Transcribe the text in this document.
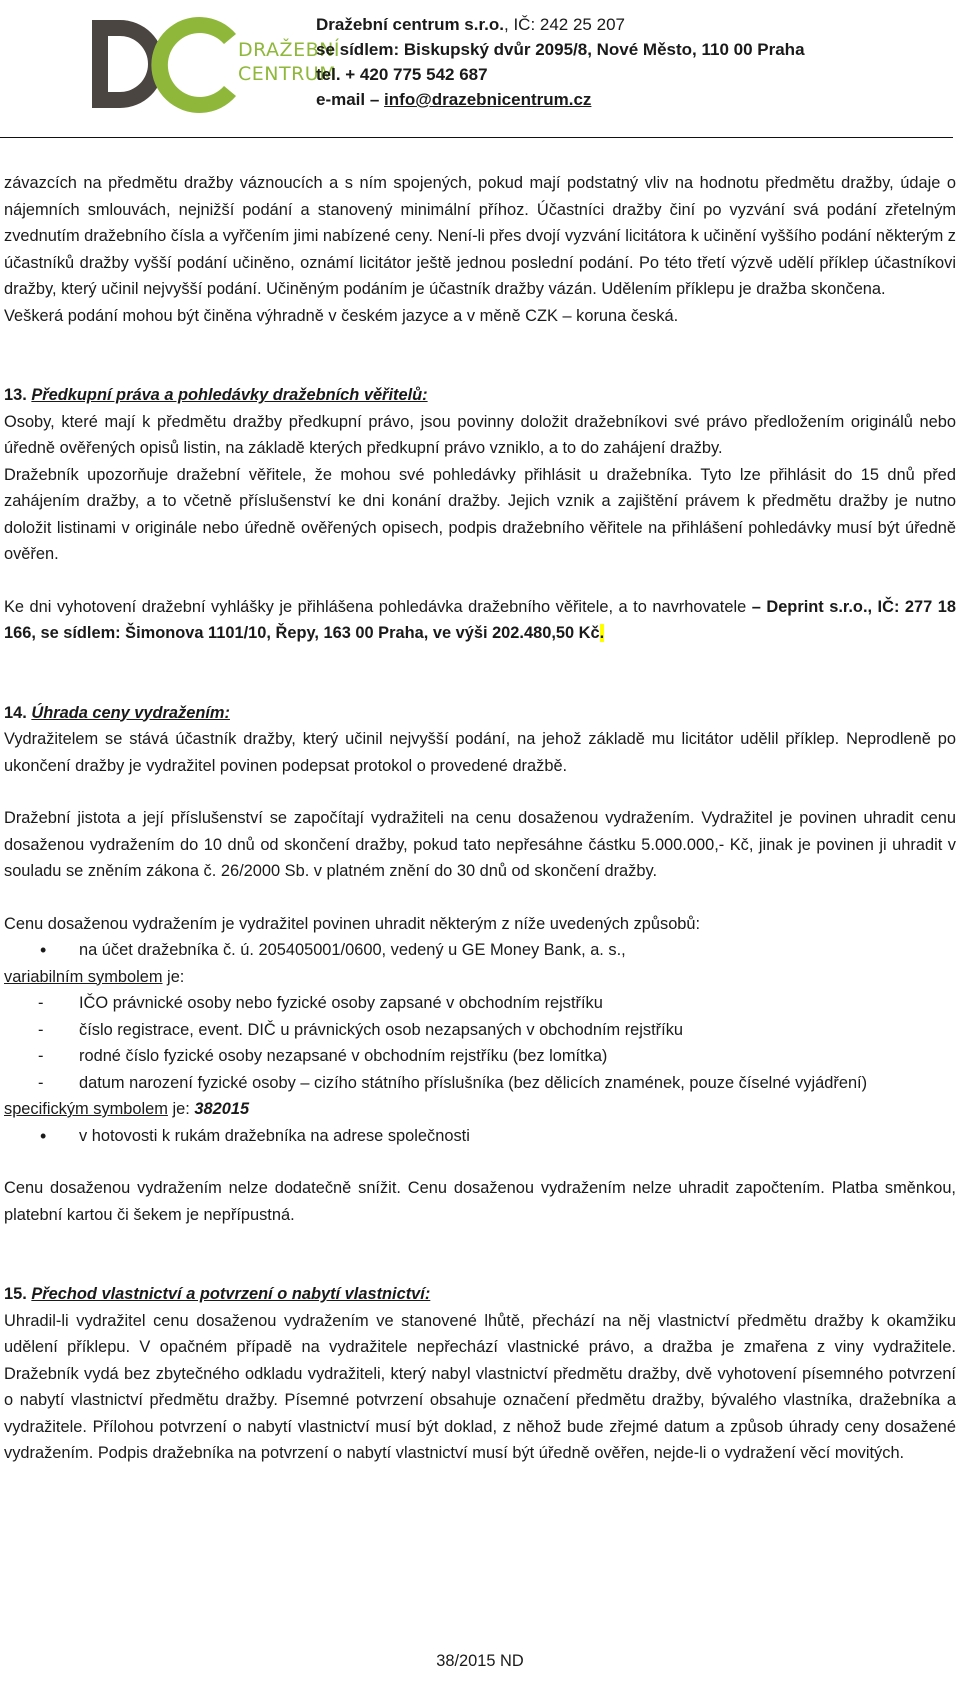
DRAŽEBNÍ
CENTRUM
Dražební centrum s.r.o., IČ: 242 25 207
se sídlem: Biskupský dvůr 2095/8, Nové Město, 110 00 Praha
tel. + 420 775 542 687
e-mail – info@drazebnicentrum.cz

závazcích na předmětu dražby váznoucích a s ním spojených, pokud mají podstatný vliv na hodnotu předmětu dražby, údaje o nájemních smlouvách, nejnižší podání a stanovený minimální příhoz. Účastníci dražby činí po vyzvání svá podání zřetelným zvednutím dražebního čísla a vyřčením jimi nabízené ceny. Není-li přes dvojí vyzvání licitátora k učinění vyššího podání některým z účastníků dražby vyšší podání učiněno, oznámí licitátor ještě jednou poslední podání. Po této třetí výzvě udělí příklep účastníkovi dražby, který učinil nejvyšší podání. Učiněným podáním je účastník dražby vázán. Udělením příklepu je dražba skončena.

Veškerá podání mohou být činěna výhradně v českém jazyce a v měně CZK – koruna česká.

13. Předkupní práva a pohledávky dražebních věřitelů:

Osoby, které mají k předmětu dražby předkupní právo, jsou povinny doložit dražebníkovi své právo předložením originálů nebo úředně ověřených opisů listin, na základě kterých předkupní právo vzniklo, a to do zahájení dražby.

Dražebník upozorňuje dražební věřitele, že mohou své pohledávky přihlásit u dražebníka. Tyto lze přihlásit do 15 dnů před zahájením dražby, a to včetně příslušenství ke dni konání dražby. Jejich vznik a zajištění právem k předmětu dražby je nutno doložit listinami v originále nebo úředně ověřených opisech, podpis dražebního věřitele na přihlášení pohledávky musí být úředně ověřen.

Ke dni vyhotovení dražební vyhlášky je přihlášena pohledávka dražebního věřitele, a to navrhovatele – Deprint s.r.o., IČ: 277 18 166, se sídlem: Šimonova 1101/10, Řepy, 163 00 Praha, ve výši 202.480,50 Kč.

14. Úhrada ceny vydražením:

Vydražitelem se stává účastník dražby, který učinil nejvyšší podání, na jehož základě mu licitátor udělil příklep. Neprodleně po ukončení dražby je vydražitel povinen podepsat protokol o provedené dražbě.

Dražební jistota a její příslušenství se započítají vydražiteli na cenu dosaženou vydražením. Vydražitel je povinen uhradit cenu dosaženou vydražením do 10 dnů od skončení dražby, pokud tato nepřesáhne částku 5.000.000,- Kč, jinak je povinen ji uhradit v souladu se zněním zákona č. 26/2000 Sb. v platném znění do 30 dnů od skončení dražby.

Cenu dosaženou vydražením je vydražitel povinen uhradit některým z níže uvedených způsobů:

• na účet dražebníka č. ú. 205405001/0600, vedený u GE Money Bank, a. s.,

variabilním symbolem je:

- IČO právnické osoby nebo fyzické osoby zapsané v obchodním rejstříku

- číslo registrace, event. DIČ u právnických osob nezapsaných v obchodním rejstříku

- rodné číslo fyzické osoby nezapsané v obchodním rejstříku (bez lomítka)

- datum narození fyzické osoby – cizího státního příslušníka (bez dělicích znamének, pouze číselné vyjádření)

specifickým symbolem je: 382015

• v hotovosti k rukám dražebníka na adrese společnosti

Cenu dosaženou vydražením nelze dodatečně snížit. Cenu dosaženou vydražením nelze uhradit započtením. Platba směnkou, platební kartou či šekem je nepřípustná.

15. Přechod vlastnictví a potvrzení o nabytí vlastnictví:

Uhradil-li vydražitel cenu dosaženou vydražením ve stanovené lhůtě, přechází na něj vlastnictví předmětu dražby k okamžiku udělení příklepu. V opačném případě na vydražitele nepřechází vlastnické právo, a dražba je zmařena z viny vydražitele. Dražebník vydá bez zbytečného odkladu vydražiteli, který nabyl vlastnictví předmětu dražby, dvě vyhotovení písemného potvrzení o nabytí vlastnictví předmětu dražby. Písemné potvrzení obsahuje označení předmětu dražby, bývalého vlastníka, dražebníka a vydražitele. Přílohou potvrzení o nabytí vlastnictví musí být doklad, z něhož bude zřejmé datum a způsob úhrady ceny dosažené vydražením. Podpis dražebníka na potvrzení o nabytí vlastnictví musí být úředně ověřen, nejde-li o vydražení věcí movitých.

38/2015 ND
